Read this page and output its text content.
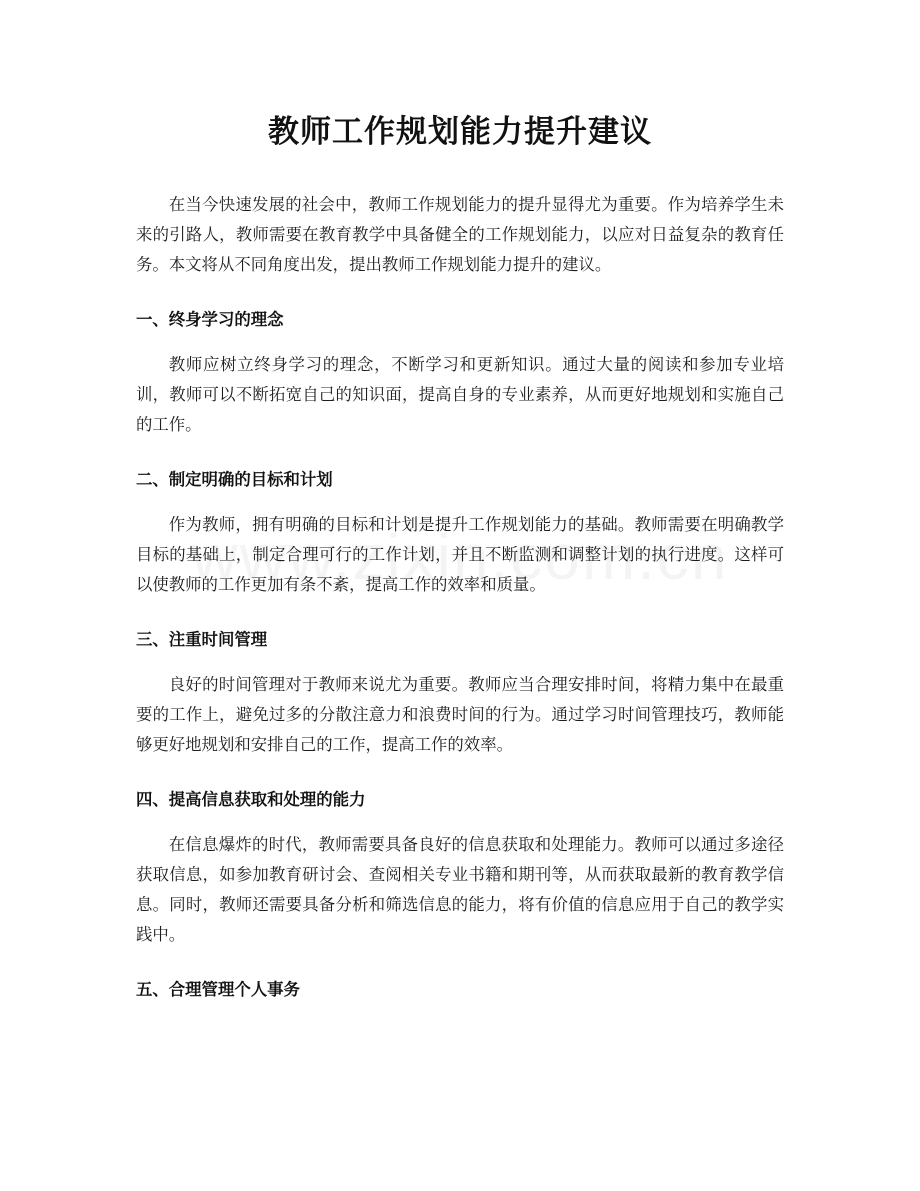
教师工作规划能力提升建议

在当今快速发展的社会中，教师工作规划能力的提升显得尤为重要。作为培养学生未来的引路人，教师需要在教育教学中具备健全的工作规划能力，以应对日益复杂的教育任务。本文将从不同角度出发，提出教师工作规划能力提升的建议。

一、终身学习的理念

教师应树立终身学习的理念，不断学习和更新知识。通过大量的阅读和参加专业培训，教师可以不断拓宽自己的知识面，提高自身的专业素养，从而更好地规划和实施自己的工作。

二、制定明确的目标和计划

作为教师，拥有明确的目标和计划是提升工作规划能力的基础。教师需要在明确教学目标的基础上，制定合理可行的工作计划，并且不断监测和调整计划的执行进度。这样可以使教师的工作更加有条不紊，提高工作的效率和质量。

三、注重时间管理

良好的时间管理对于教师来说尤为重要。教师应当合理安排时间，将精力集中在最重要的工作上，避免过多的分散注意力和浪费时间的行为。通过学习时间管理技巧，教师能够更好地规划和安排自己的工作，提高工作的效率。

四、提高信息获取和处理的能力

在信息爆炸的时代，教师需要具备良好的信息获取和处理能力。教师可以通过多途径获取信息，如参加教育研讨会、查阅相关专业书籍和期刊等，从而获取最新的教育教学信息。同时，教师还需要具备分析和筛选信息的能力，将有价值的信息应用于自己的教学实践中。

五、合理管理个人事务
